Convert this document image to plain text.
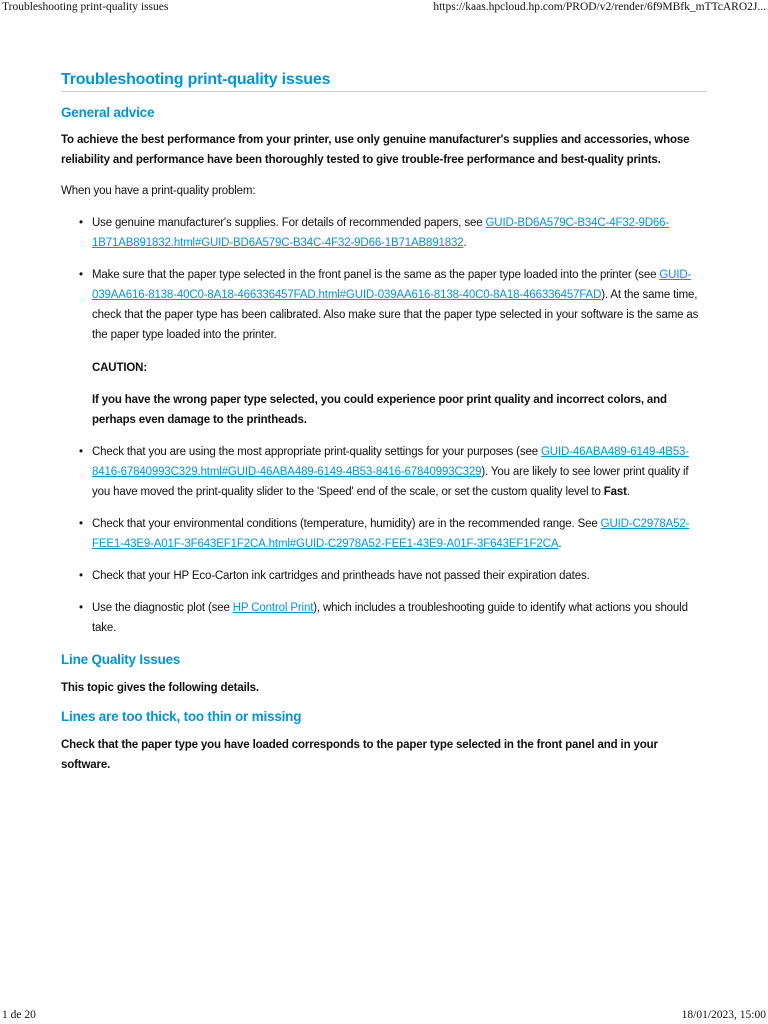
Troubleshooting print-quality issues	https://kaas.hpcloud.hp.com/PROD/v2/render/6f9MBfk_mTTcARO2J...
Troubleshooting print-quality issues
General advice

To achieve the best performance from your printer, use only genuine manufacturer's supplies and accessories, whose reliability and performance have been thoroughly tested to give trouble-free performance and best-quality prints.

When you have a print-quality problem:

• Use genuine manufacturer's supplies. For details of recommended papers, see GUID-BD6A579C-B34C-4F32-9D66-1B71AB891832.html#GUID-BD6A579C-B34C-4F32-9D66-1B71AB891832.
• Make sure that the paper type selected in the front panel is the same as the paper type loaded into the printer (see GUID-039AA616-8138-40C0-8A18-466336457FAD.html#GUID-039AA616-8138-40C0-8A18-466336457FAD). At the same time, check that the paper type has been calibrated. Also make sure that the paper type selected in your software is the same as the paper type loaded into the printer.

CAUTION:

If you have the wrong paper type selected, you could experience poor print quality and incorrect colors, and perhaps even damage to the printheads.

• Check that you are using the most appropriate print-quality settings for your purposes (see GUID-46ABA489-6149-4B53-8416-67840993C329.html#GUID-46ABA489-6149-4B53-8416-67840993C329). You are likely to see lower print quality if you have moved the print-quality slider to the 'Speed' end of the scale, or set the custom quality level to Fast.
• Check that your environmental conditions (temperature, humidity) are in the recommended range. See GUID-C2978A52-FEE1-43E9-A01F-3F643EF1F2CA.html#GUID-C2978A52-FEE1-43E9-A01F-3F643EF1F2CA.
• Check that your HP Eco-Carton ink cartridges and printheads have not passed their expiration dates.
• Use the diagnostic plot (see HP Control Print), which includes a troubleshooting guide to identify what actions you should take.
Line Quality Issues

This topic gives the following details.

Lines are too thick, too thin or missing

Check that the paper type you have loaded corresponds to the paper type selected in the front panel and in your software.

1 de 20	18/01/2023, 15:00
